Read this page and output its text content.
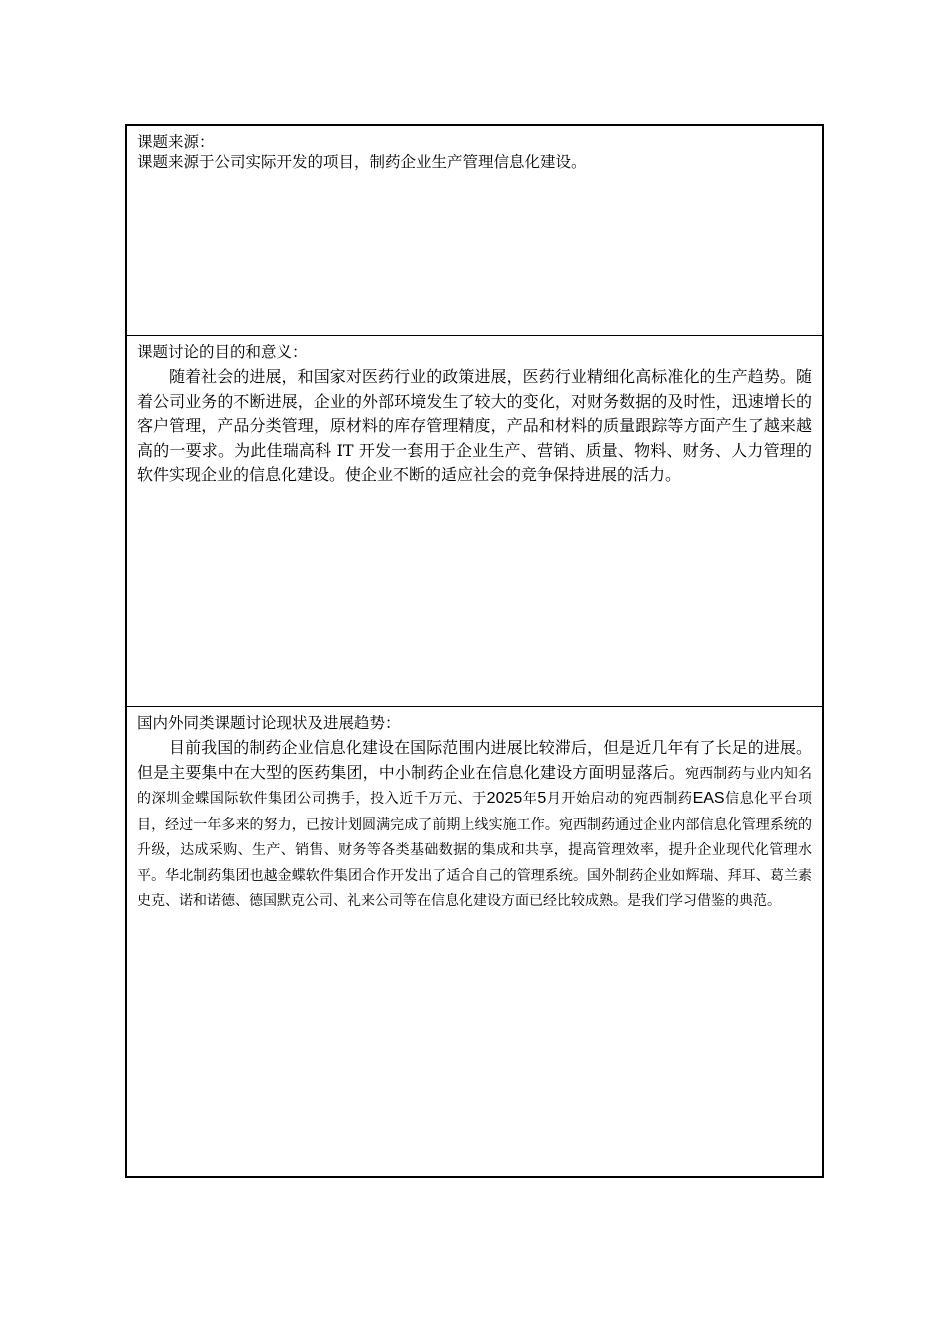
课题来源：

课题来源于公司实际开发的项目，制药企业生产管理信息化建设。

课题讨论的目的和意义：

随着社会的进展，和国家对医药行业的政策进展，医药行业精细化高标准化的生产趋势。随着公司业务的不断进展，企业的外部环境发生了较大的变化，对财务数据的及时性，迅速增长的客户管理，产品分类管理，原材料的库存管理精度，产品和材料的质量跟踪等方面产生了越来越高的一要求。为此佳瑞高科 IT 开发一套用于企业生产、营销、质量、物料、财务、人力管理的软件实现企业的信息化建设。使企业不断的适应社会的竞争保持进展的活力。

国内外同类课题讨论现状及进展趋势：

目前我国的制药企业信息化建设在国际范围内进展比较滞后，但是近几年有了长足的进展。但是主要集中在大型的医药集团，中小制药企业在信息化建设方面明显落后。宛西制药与业内知名的深圳金蝶国际软件集团公司携手，投入近千万元、于2025年5月开始启动的宛西制药EAS信息化平台项目，经过一年多来的努力，已按计划圆满完成了前期上线实施工作。宛西制药通过企业内部信息化管理系统的升级，达成采购、生产、销售、财务等各类基础数据的集成和共享，提高管理效率，提升企业现代化管理水平。华北制药集团也越金蝶软件集团合作开发出了适合自己的管理系统。国外制药企业如辉瑞、拜耳、葛兰素史克、诺和诺德、德国默克公司、礼来公司等在信息化建设方面已经比较成熟。是我们学习借鉴的典范。
